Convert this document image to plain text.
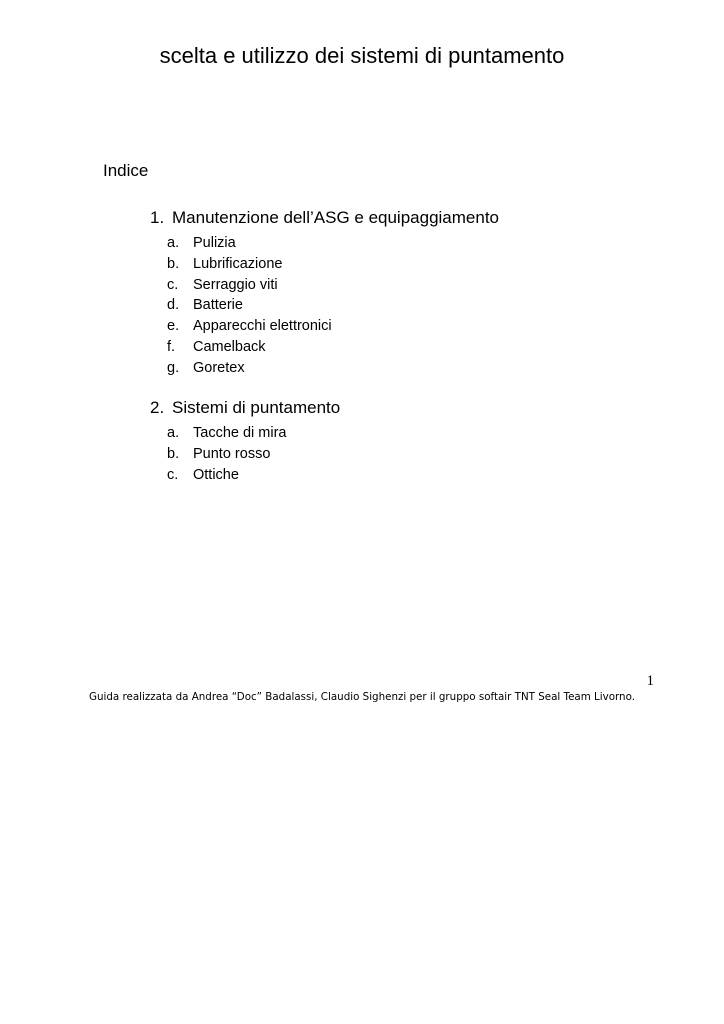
scelta e utilizzo dei sistemi di puntamento
Indice
1. Manutenzione dell’ASG e equipaggiamento
a. Pulizia
b. Lubrificazione
c.	Serraggio viti
d. Batterie
e. Apparecchi elettronici
f.	Camelback
g. Goretex
2. Sistemi di puntamento
a. Tacche di mira
b. Punto rosso
c.	Ottiche
1
Guida realizzata da Andrea “Doc” Badalassi, Claudio Sighenzi per il gruppo softair TNT Seal Team Livorno.
